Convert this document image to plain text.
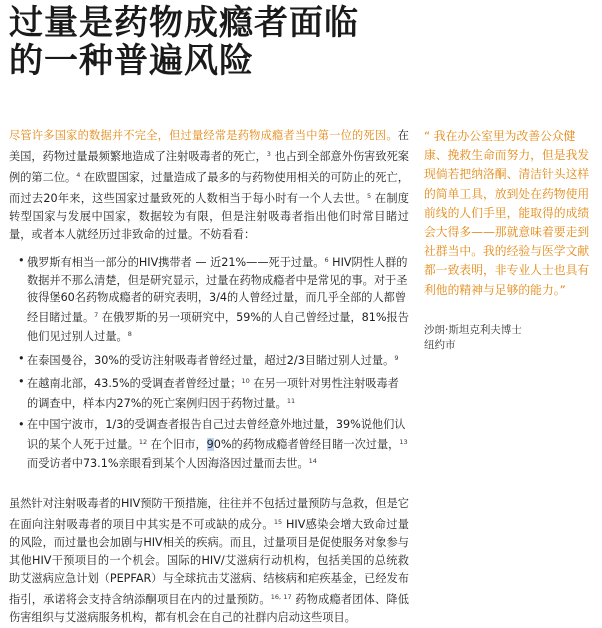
过量是药物成瘾者面临
的一种普遍风险

尽管许多国家的数据并不完全，但过量经常是药物成瘾者当中第一位的死因。在美国，药物过量最频繁地造成了注射吸毒者的死亡，$^3$ 也占到全部意外伤害致死案例的第二位。$^4$ 在欧盟国家，过量造成了最多的与药物使用相关的可防止的死亡，而过去20年来，这些国家过量致死的人数相当于每小时有一个人去世。$^5$ 在制度转型国家与发展中国家，数据较为有限，但是注射吸毒者指出他们时常目睹过量，或者本人就经历过非致命的过量。不妨看看：

• 俄罗斯有相当一部分的HIV携带者 — 近21%——死于过量。$^6$ HIV阴性人群的数据并不那么清楚，但是研究显示，过量在药物成瘾者中是常见的事。对于圣彼得堡60名药物成瘾者的研究表明，3/4的人曾经过量，而几乎全部的人都曾经目睹过量。$^7$ 在俄罗斯的另一项研究中，59%的人自己曾经过量，81%报告他们见过别人过量。$^8$
• 在泰国曼谷，30%的受访注射吸毒者曾经过量，超过2/3目睹过别人过量。$^9$
• 在越南北部，43.5%的受调查者曾经过量；$^{10}$ 在另一项针对男性注射吸毒者的调查中，样本内27%的死亡案例归因于药物过量。$^{11}$
• 在中国宁波市，1/3的受调查者报告自己过去曾经意外地过量，39%说他们认识的某个人死于过量。$^{12}$ 在个旧市，90%的药物成瘾者曾经目睹一次过量，$^{13}$ 而受访者中73.1%亲眼看到某个人因海洛因过量而去世。$^{14}$

虽然针对注射吸毒者的HIV预防干预措施，往往并不包括过量预防与急救，但是它在面向注射吸毒者的项目中其实是不可或缺的成分。$^{15}$ HIV感染会增大致命过量的风险，而过量也会加剧与HIV相关的疾病。而且，过量项目是促使服务对象参与其他HIV干预项目的一个机会。国际的HIV/艾滋病行动机构，包括美国的总统救助艾滋病应急计划（PEPFAR）与全球抗击艾滋病、结核病和疟疾基金，已经发布指引，承诺将会支持含纳添酮项目在内的过量预防。$^{16, 17}$ 药物成瘾者团体、降低伤害组织与艾滋病服务机构，都有机会在自己的社群内启动这些项目。

“ 我在办公室里为改善公众健康、挽救生命而努力，但是我发现倘若把纳洛酮、清洁针头这样的简单工具，放到处在药物使用前线的人们手里，能取得的成绩会大得多——那就意味着要走到社群当中。我的经验与医学文献都一致表明，非专业人士也具有利他的精神与足够的能力。”
沙朗·斯坦克利夫博士
纽约市
